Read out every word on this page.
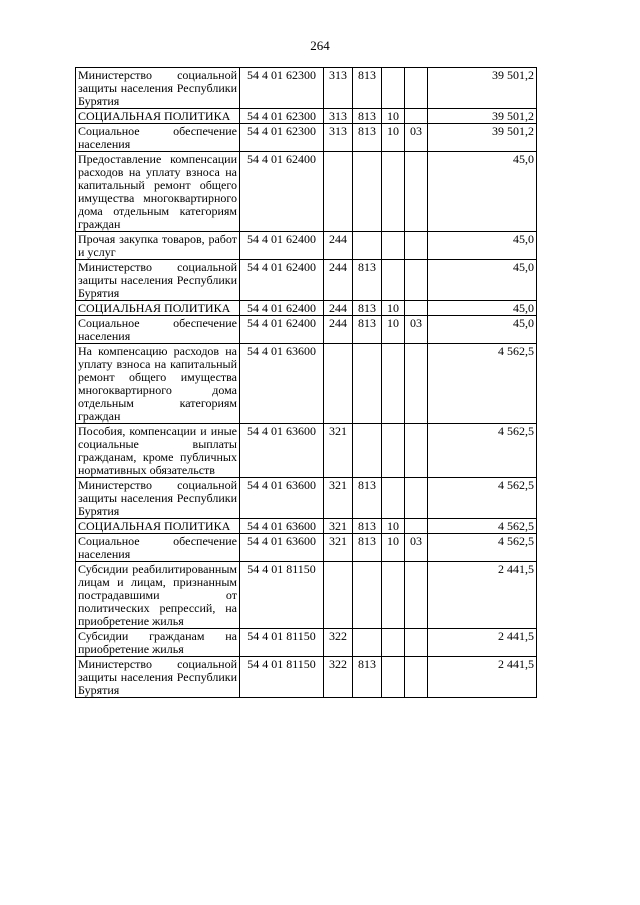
264
Министерство социальной защиты населения Республики Бурятия	54 4 01 62300	313	813			39 501,2
СОЦИАЛЬНАЯ ПОЛИТИКА	54 4 01 62300	313	813	10		39 501,2
Социальное обеспечение населения	54 4 01 62300	313	813	10	03	39 501,2
Предоставление компенсации расходов на уплату взноса на капитальный ремонт общего имущества многоквартирного дома отдельным категориям граждан	54 4 01 62400					45,0
Прочая закупка товаров, работ и услуг	54 4 01 62400	244				45,0
Министерство социальной защиты населения Республики Бурятия	54 4 01 62400	244	813			45,0
СОЦИАЛЬНАЯ ПОЛИТИКА	54 4 01 62400	244	813	10		45,0
Социальное обеспечение населения	54 4 01 62400	244	813	10	03	45,0
На компенсацию расходов на уплату взноса на капитальный ремонт общего имущества многоквартирного дома отдельным категориям граждан	54 4 01 63600					4 562,5
Пособия, компенсации и иные социальные выплаты гражданам, кроме публичных нормативных обязательств	54 4 01 63600	321				4 562,5
Министерство социальной защиты населения Республики Бурятия	54 4 01 63600	321	813			4 562,5
СОЦИАЛЬНАЯ ПОЛИТИКА	54 4 01 63600	321	813	10		4 562,5
Социальное обеспечение населения	54 4 01 63600	321	813	10	03	4 562,5
Субсидии реабилитированным лицам и лицам, признанным пострадавшими от политических репрессий, на приобретение жилья	54 4 01 81150					2 441,5
Субсидии гражданам на приобретение жилья	54 4 01 81150	322				2 441,5
Министерство социальной защиты населения Республики Бурятия	54 4 01 81150	322	813			2 441,5
